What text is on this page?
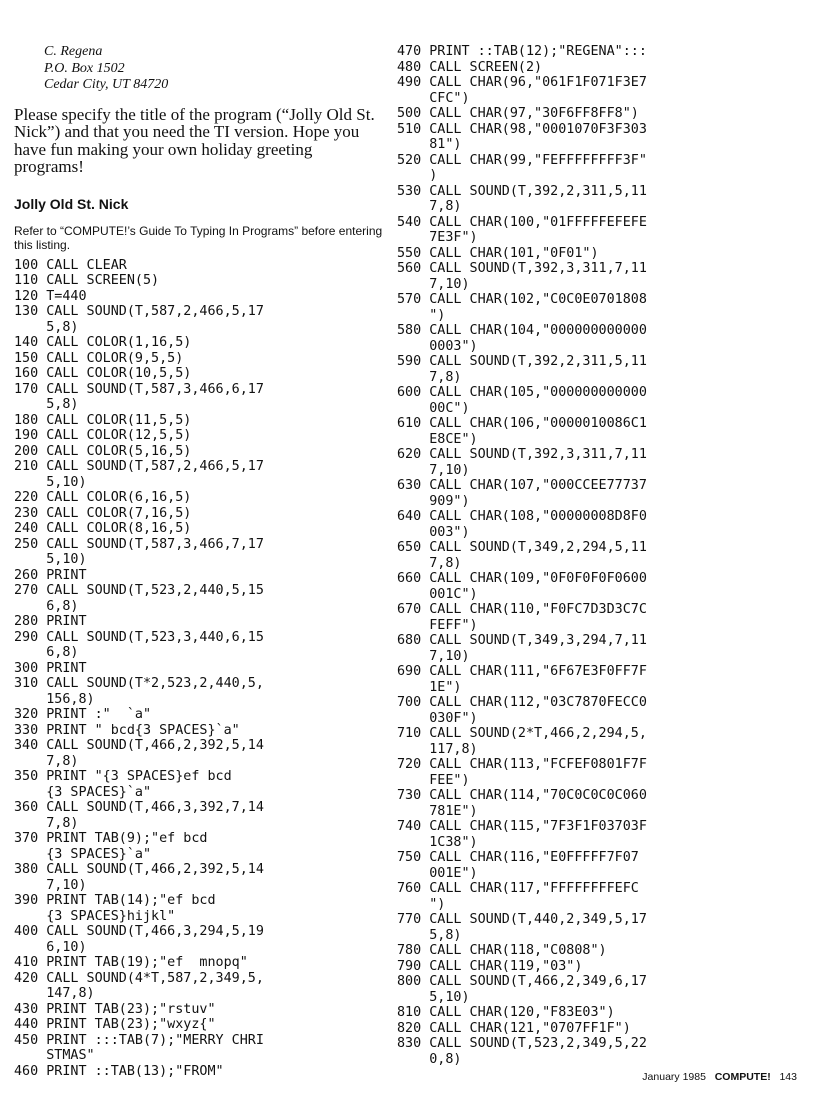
C. Regena
P.O. Box 1502
Cedar City, UT 84720

Please specify the title of the program (“Jolly Old St. Nick”) and that you need the TI version. Hope you have fun making your own holiday greeting programs!

Jolly Old St. Nick

Refer to “COMPUTE!’s Guide To Typing In Programs” before entering this listing.

100 CALL CLEAR
110 CALL SCREEN(5)
120 T=440
130 CALL SOUND(T,587,2,466,5,17
5,8)
140 CALL COLOR(1,16,5)
150 CALL COLOR(9,5,5)
160 CALL COLOR(10,5,5)
170 CALL SOUND(T,587,3,466,6,17
5,8)
180 CALL COLOR(11,5,5)
190 CALL COLOR(12,5,5)
200 CALL COLOR(5,16,5)
210 CALL SOUND(T,587,2,466,5,17
5,10)
220 CALL COLOR(6,16,5)
230 CALL COLOR(7,16,5)
240 CALL COLOR(8,16,5)
250 CALL SOUND(T,587,3,466,7,17
5,10)
260 PRINT
270 CALL SOUND(T,523,2,440,5,15
6,8)
280 PRINT
290 CALL SOUND(T,523,3,440,6,15
6,8)
300 PRINT
310 CALL SOUND(T*2,523,2,440,5,
156,8)
320 PRINT :"  `a"
330 PRINT " bcd{3 SPACES}`a"
340 CALL SOUND(T,466,2,392,5,14
7,8)
350 PRINT "{3 SPACES}ef bcd
{3 SPACES}`a"
360 CALL SOUND(T,466,3,392,7,14
7,8)
370 PRINT TAB(9);"ef bcd
{3 SPACES}`a"
380 CALL SOUND(T,466,2,392,5,14
7,10)
390 PRINT TAB(14);"ef bcd
{3 SPACES}hijkl"
400 CALL SOUND(T,466,3,294,5,19
6,10)
410 PRINT TAB(19);"ef  mnopq"
420 CALL SOUND(4*T,587,2,349,5,
147,8)
430 PRINT TAB(23);"rstuv"
440 PRINT TAB(23);"wxyz{"
450 PRINT :::TAB(7);"MERRY CHRI
STMAS"
460 PRINT ::TAB(13);"FROM"
470 PRINT ::TAB(12);"REGENA":::
480 CALL SCREEN(2)
490 CALL CHAR(96,"061F1F071F3E7
CFC")
500 CALL CHAR(97,"30F6FF8FF8")
510 CALL CHAR(98,"0001070F3F303
81")
520 CALL CHAR(99,"FEFFFFFFFF3F"
)
530 CALL SOUND(T,392,2,311,5,11
7,8)
540 CALL CHAR(100,"01FFFFFEFEFE
7E3F")
550 CALL CHAR(101,"0F01")
560 CALL SOUND(T,392,3,311,7,11
7,10)
570 CALL CHAR(102,"C0C0E0701808
")
580 CALL CHAR(104,"000000000000
0003")
590 CALL SOUND(T,392,2,311,5,11
7,8)
600 CALL CHAR(105,"000000000000
00C")
610 CALL CHAR(106,"0000010086C1
E8CE")
620 CALL SOUND(T,392,3,311,7,11
7,10)
630 CALL CHAR(107,"000CCEE77737
909")
640 CALL CHAR(108,"00000008D8F0
003")
650 CALL SOUND(T,349,2,294,5,11
7,8)
660 CALL CHAR(109,"0F0F0F0F0600
001C")
670 CALL CHAR(110,"F0FC7D3D3C7C
FEFF")
680 CALL SOUND(T,349,3,294,7,11
7,10)
690 CALL CHAR(111,"6F67E3F0FF7F
1E")
700 CALL CHAR(112,"03C7870FECC0
030F")
710 CALL SOUND(2*T,466,2,294,5,
117,8)
720 CALL CHAR(113,"FCFEF0801F7F
FEE")
730 CALL CHAR(114,"70C0C0C0C060
781E")
740 CALL CHAR(115,"7F3F1F03703F
1C38")
750 CALL CHAR(116,"E0FFFFF7F07
001E")
760 CALL CHAR(117,"FFFFFFFFEFC
")
770 CALL SOUND(T,440,2,349,5,17
5,8)
780 CALL CHAR(118,"C0808")
790 CALL CHAR(119,"03")
800 CALL SOUND(T,466,2,349,6,17
5,10)
810 CALL CHAR(120,"F83E03")
820 CALL CHAR(121,"0707FF1F")
830 CALL SOUND(T,523,2,349,5,22
0,8)
January 1985 COMPUTE! 143
